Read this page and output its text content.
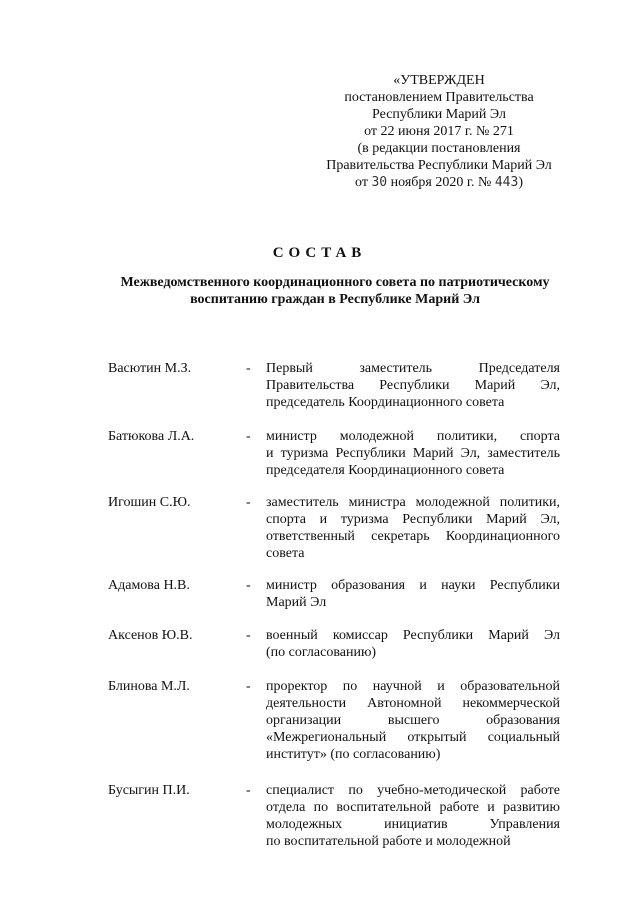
«УТВЕРЖДЕН
постановлением Правительства
Республики Марий Эл
от 22 июня 2017 г. № 271
(в редакции постановления
Правительства Республики Марий Эл
от 30 ноября 2020 г. № 443)
СОСТАВ
Межведомственного координационного совета по патриотическому
воспитанию граждан в Республике Марий Эл
Васютин М.З.	- Первый заместитель Председателя
Правительства Республики Марий Эл,
председатель Координационного совета
Батюкова Л.А.	- министр молодежной политики, спорта
и туризма Республики Марий Эл, заместитель
председателя Координационного совета
Игошин С.Ю.	- заместитель министра молодежной политики,
спорта и туризма Республики Марий Эл,
ответственный секретарь Координационного
совета
Адамова Н.В.	- министр образования и науки Республики
Марий Эл
Аксенов Ю.В.	- военный комиссар Республики Марий Эл
(по согласованию)
Блинова М.Л.	- проректор по научной и образовательной
деятельности Автономной некоммерческой
организации высшего образования
«Межрегиональный открытый социальный
институт» (по согласованию)
Бусыгин П.И.	- специалист по учебно-методической работе
отдела по воспитательной работе и развитию
молодежных инициатив Управления
по воспитательной работе и молодежной
